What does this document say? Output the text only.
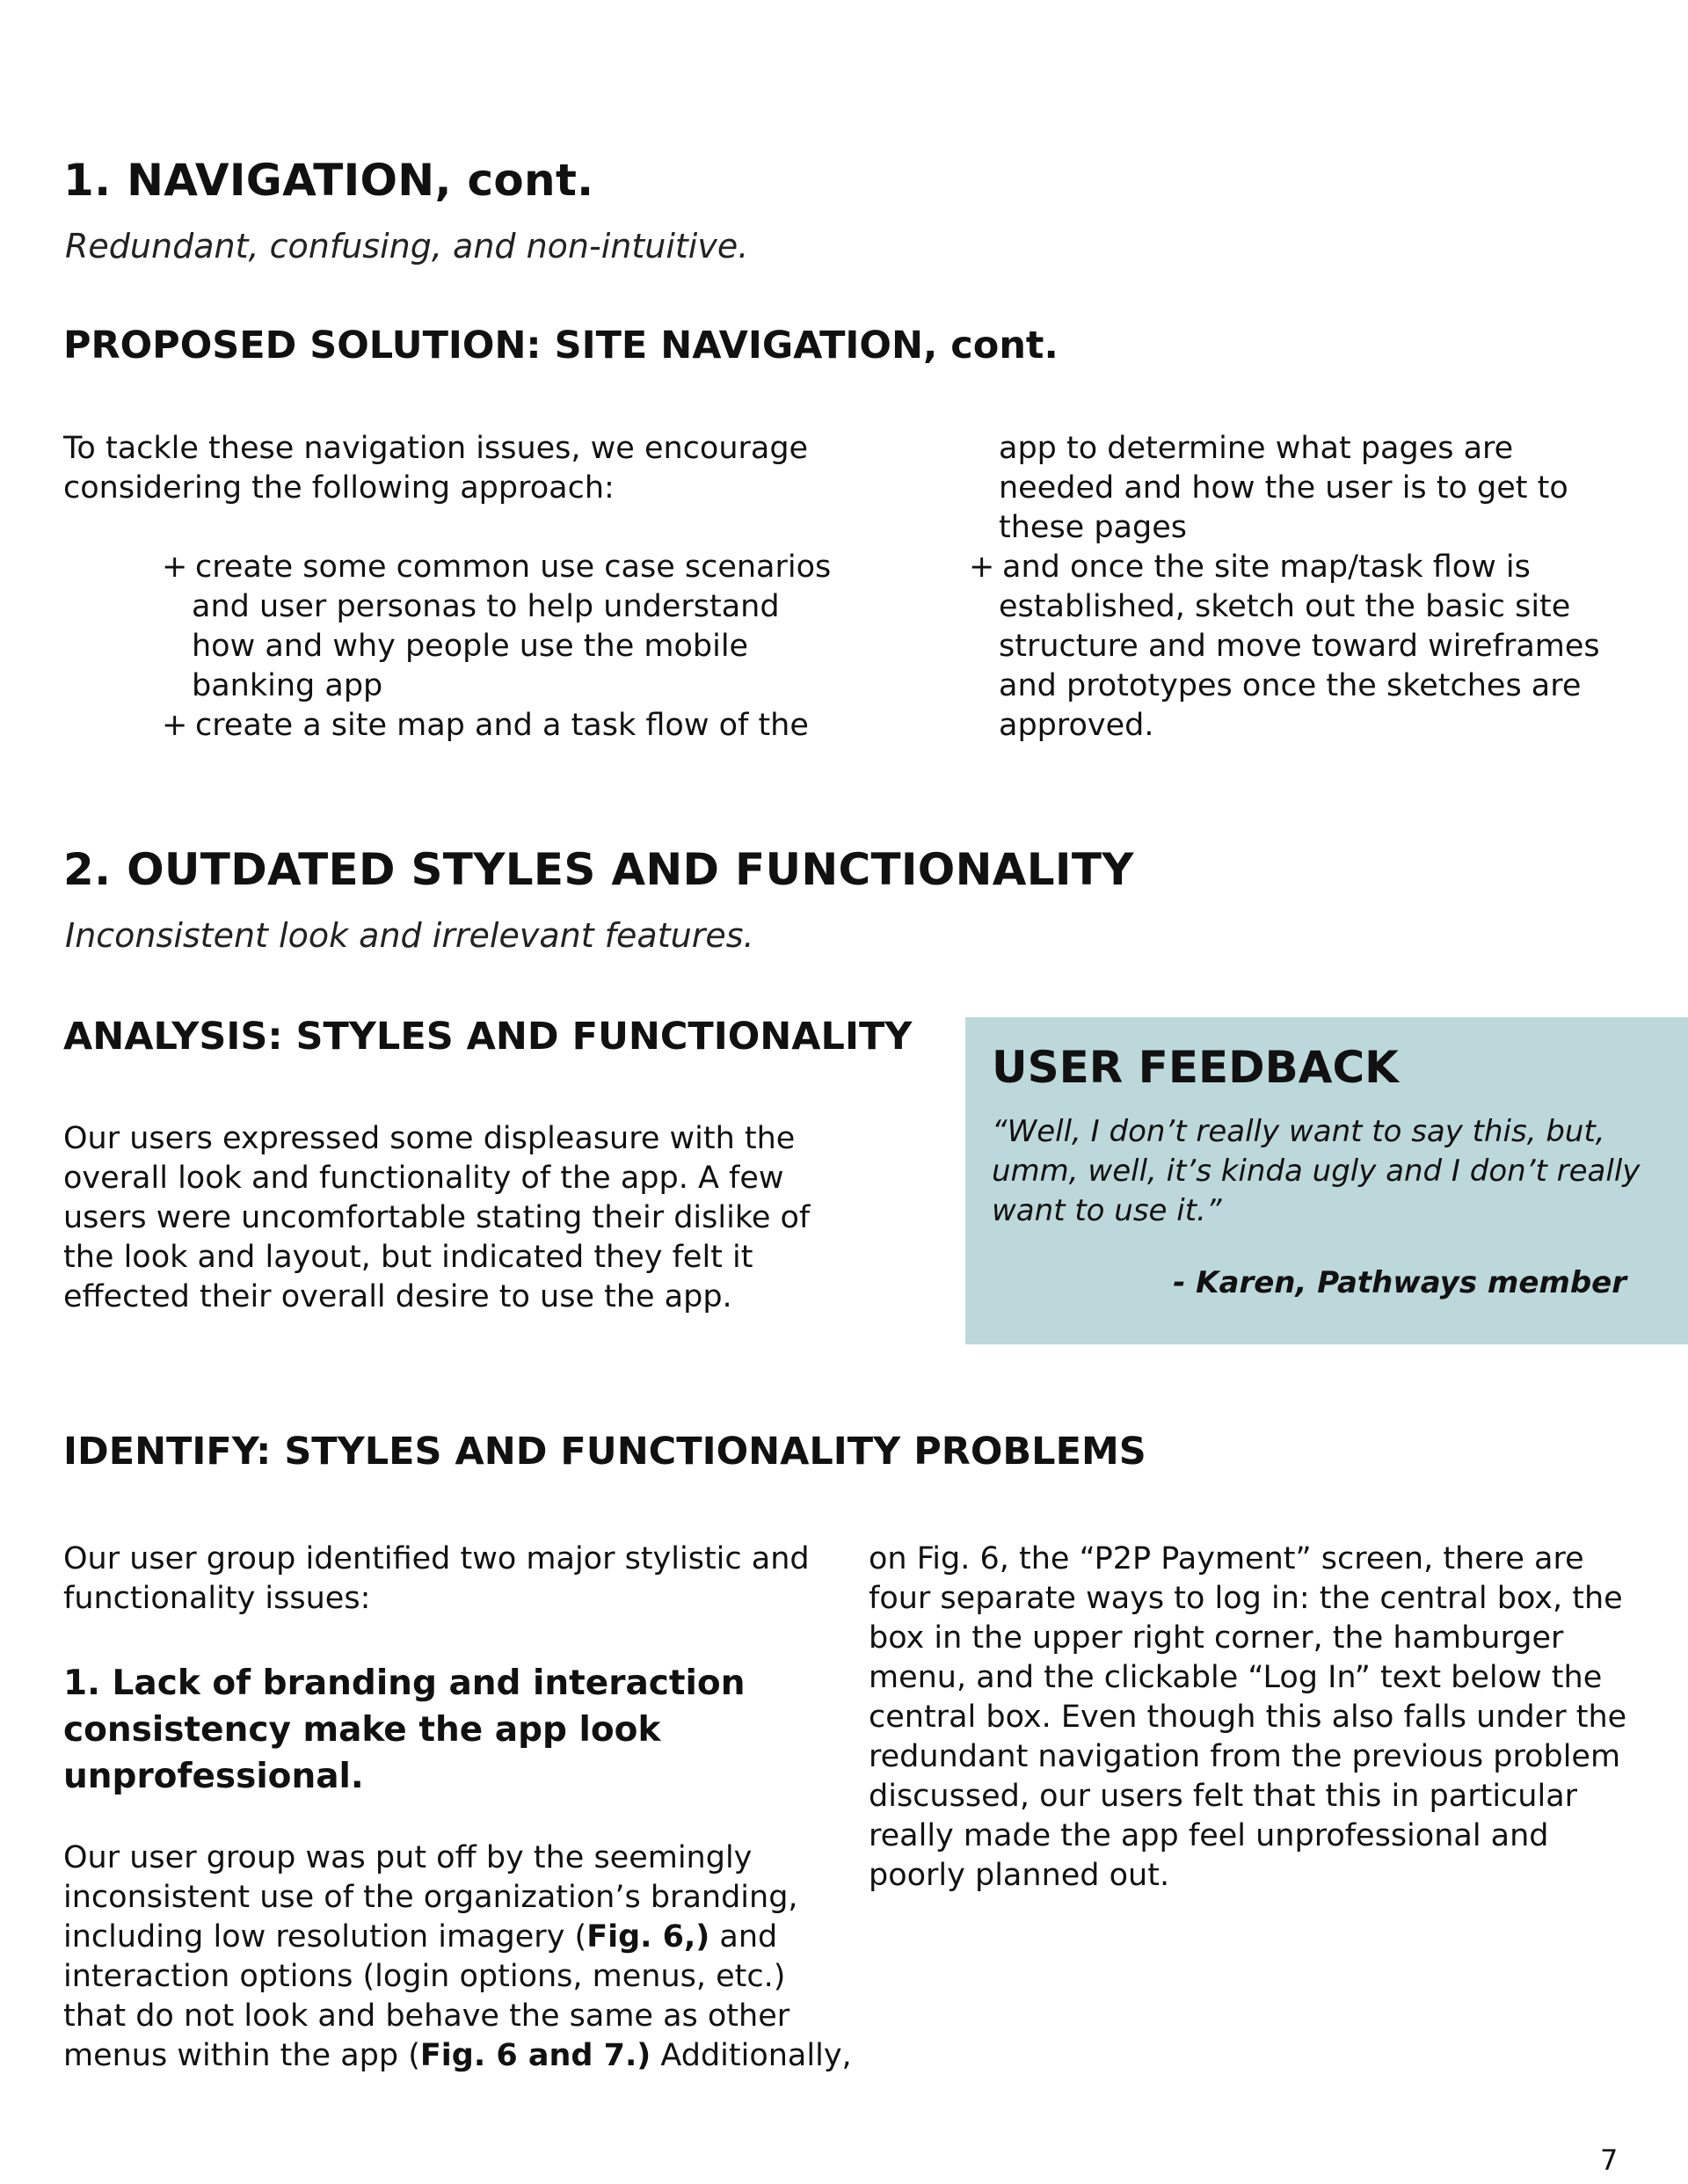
1. NAVIGATION, cont.

Redundant, confusing, and non-intuitive.

PROPOSED SOLUTION: SITE NAVIGATION, cont.
To tackle these navigation issues, we encourage
considering the following approach:
+ create some common use case scenarios
and user personas to help understand
how and why people use the mobile
banking app
+ create a site map and a task flow of the
app to determine what pages are
needed and how the user is to get to
these pages
+ and once the site map/task flow is
established, sketch out the basic site
structure and move toward wireframes
and prototypes once the sketches are
approved.
2. OUTDATED STYLES AND FUNCTIONALITY

Inconsistent look and irrelevant features.

ANALYSIS: STYLES AND FUNCTIONALITY
Our users expressed some displeasure with the
overall look and functionality of the app. A few
users were uncomfortable stating their dislike of
the look and layout, but indicated they felt it
effected their overall desire to use the app.
USER FEEDBACK
“Well, I don’t really want to say this, but,
umm, well, it’s kinda ugly and I don’t really
want to use it.”
- Karen, Pathways member
IDENTIFY: STYLES AND FUNCTIONALITY PROBLEMS
Our user group identified two major stylistic and
functionality issues:
1. Lack of branding and interaction
consistency make the app look
unprofessional.
Our user group was put off by the seemingly
inconsistent use of the organization’s branding,
including low resolution imagery (Fig. 6,) and
interaction options (login options, menus, etc.)
that do not look and behave the same as other
menus within the app (Fig. 6 and 7.) Additionally,
on Fig. 6, the “P2P Payment” screen, there are
four separate ways to log in: the central box, the
box in the upper right corner, the hamburger
menu, and the clickable “Log In” text below the
central box. Even though this also falls under the
redundant navigation from the previous problem
discussed, our users felt that this in particular
really made the app feel unprofessional and
poorly planned out.
7
